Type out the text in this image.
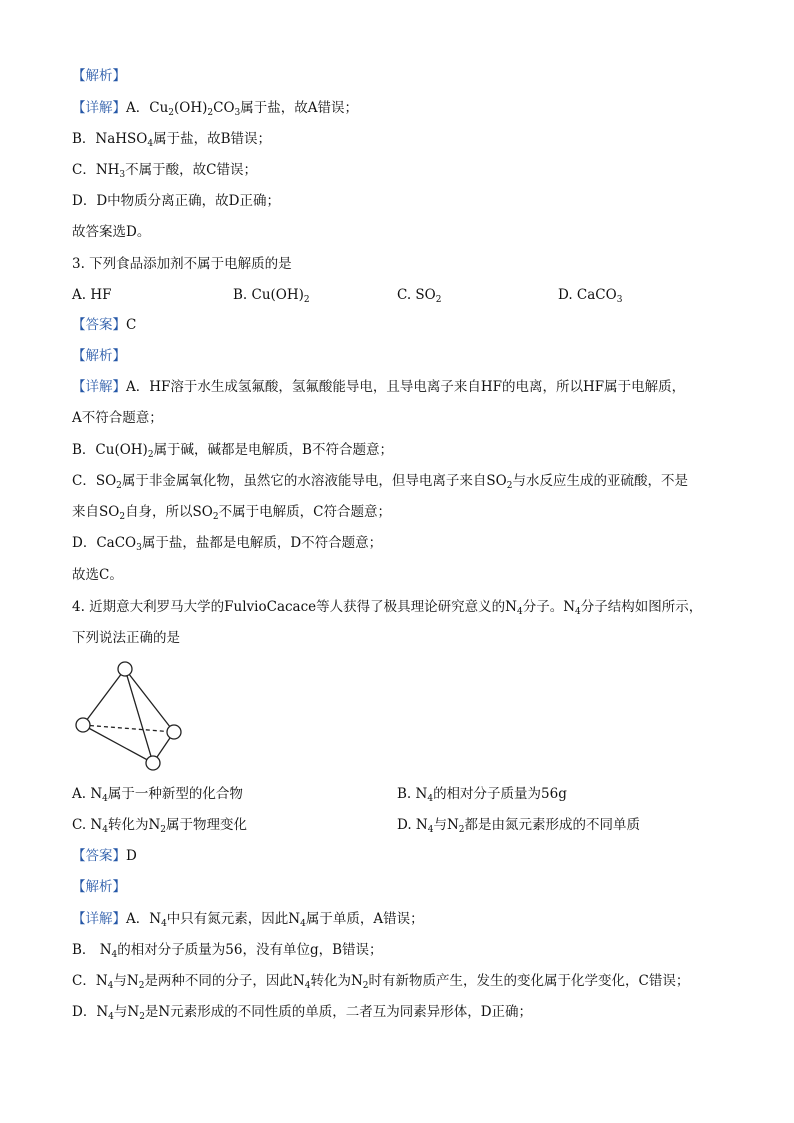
【解析】
【详解】A．$Cu_2(OH)_2CO_3$属于盐，故A错误；
B．NaHSO$_4$属于盐，故B错误；
C．$NH_3$不属于酸，故C错误；
D．D中物质分离正确，故D正确；
故答案选D。
3. 下列食品添加剂不属于电解质的是
A. HF	B. $Cu(OH)_2$	C. $SO_2$	D. CaCO$_3$
【答案】C
【解析】
【详解】A．HF溶于水生成氢氟酸，氢氟酸能导电，且导电离子来自HF的电离，所以HF属于电解质，
A不符合题意；
B．$Cu(OH)_2$属于碱，碱都是电解质，B不符合题意；
C．$SO_2$属于非金属氧化物，虽然它的水溶液能导电，但导电离子来自$SO_2$与水反应生成的亚硫酸，不是
来自$SO_2$自身，所以$SO_2$不属于电解质，C符合题意；
D．CaCO$_3$属于盐，盐都是电解质，D不符合题意；
故选C。
4. 近期意大利罗马大学的FulvioCacace等人获得了极具理论研究意义的$N_4$分子。$N_4$分子结构如图所示，
下列说法正确的是
A. $N_4$属于一种新型的化合物	B. $N_4$的相对分子质量为56g
C. $N_4$转化为$N_2$属于物理变化	D. $N_4$与$N_2$都是由氮元素形成的不同单质
【答案】D
【解析】
【详解】A．$N_4$中只有氮元素，因此$N_4$属于单质，A错误；
B． $N_4$的相对分子质量为56，没有单位g，B错误；
C．$N_4$与$N_2$是两种不同的分子，因此$N_4$转化为$N_2$时有新物质产生，发生的变化属于化学变化，C错误；
D．$N_4$与$N_2$是N元素形成的不同性质的单质，二者互为同素异形体，D正确；
